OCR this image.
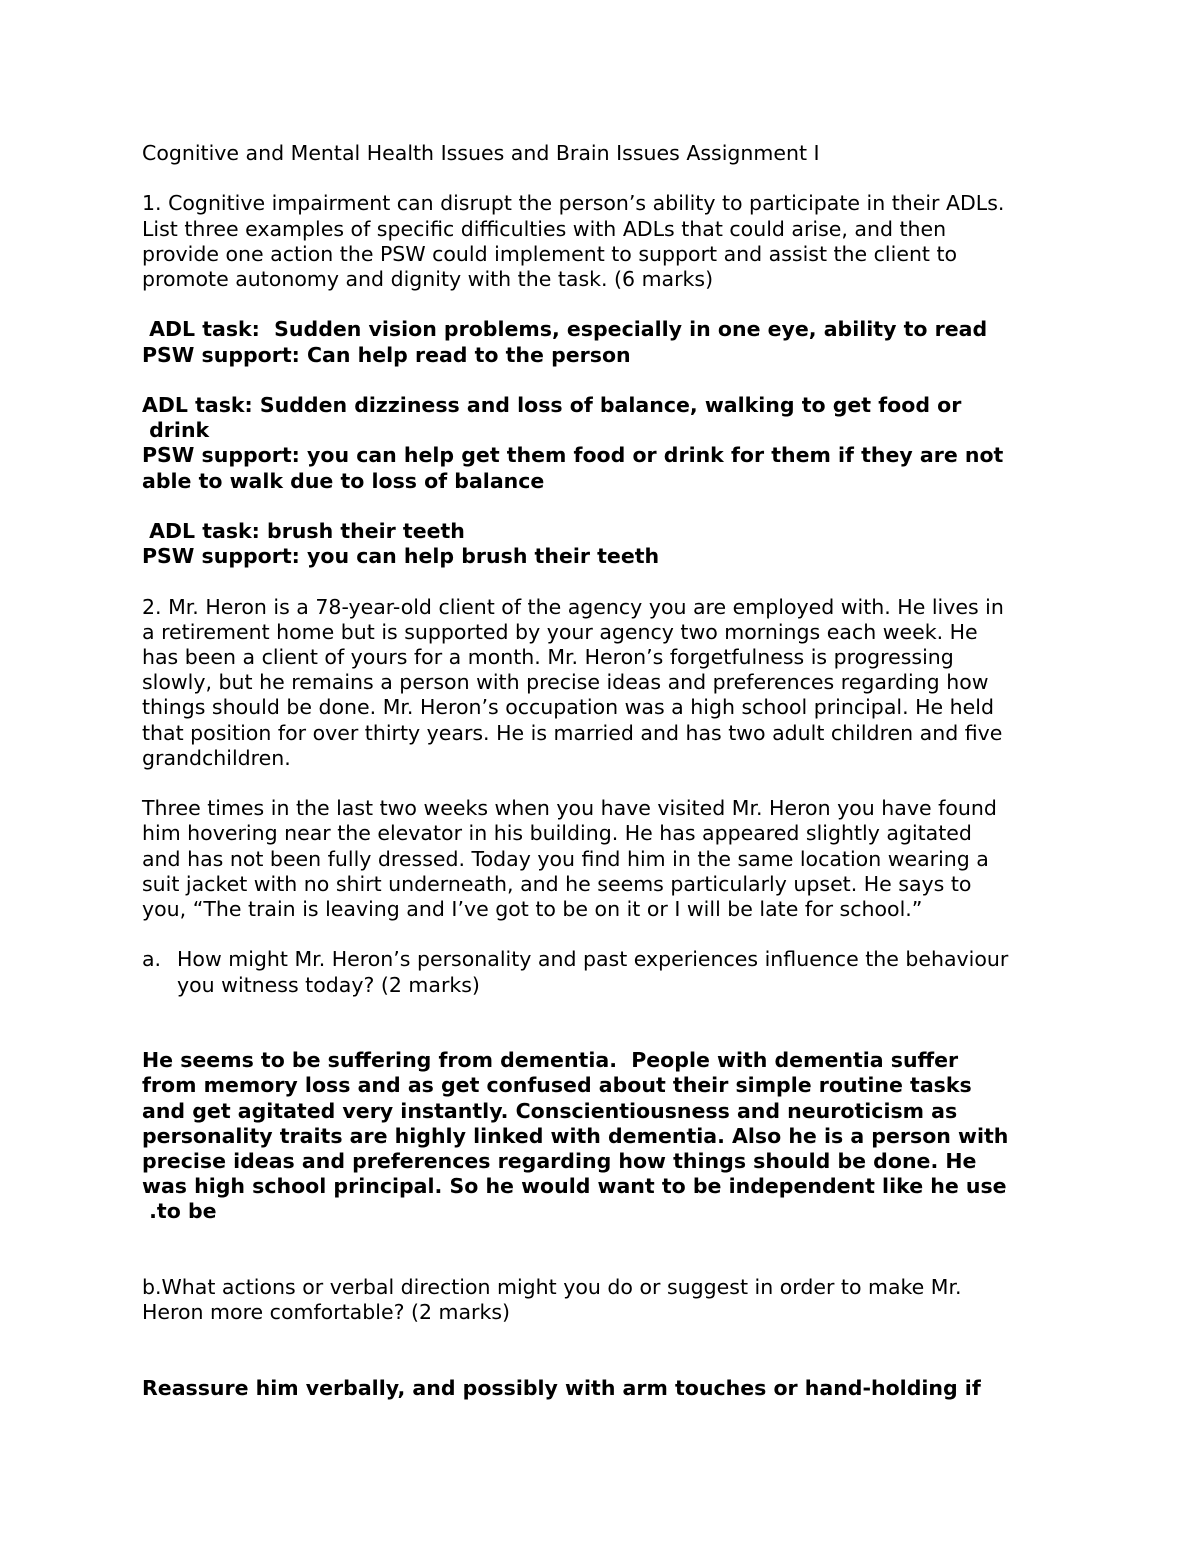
Cognitive and Mental Health Issues and Brain Issues Assignment I
1. Cognitive impairment can disrupt the person’s ability to participate in their ADLs.
List three examples of specific difficulties with ADLs that could arise, and then
provide one action the PSW could implement to support and assist the client to
promote autonomy and dignity with the task. (6 marks)
ADL task:  Sudden vision problems, especially in one eye, ability to read
PSW support: Can help read to the person
ADL task: Sudden dizziness and loss of balance, walking to get food or
drink
PSW support: you can help get them food or drink for them if they are not
able to walk due to loss of balance
ADL task: brush their teeth
PSW support: you can help brush their teeth
2. Mr. Heron is a 78-year-old client of the agency you are employed with. He lives in
a retirement home but is supported by your agency two mornings each week. He
has been a client of yours for a month. Mr. Heron’s forgetfulness is progressing
slowly, but he remains a person with precise ideas and preferences regarding how
things should be done. Mr. Heron’s occupation was a high school principal. He held
that position for over thirty years. He is married and has two adult children and five
grandchildren.
Three times in the last two weeks when you have visited Mr. Heron you have found
him hovering near the elevator in his building. He has appeared slightly agitated
and has not been fully dressed. Today you find him in the same location wearing a
suit jacket with no shirt underneath, and he seems particularly upset. He says to
you, “The train is leaving and I’ve got to be on it or I will be late for school.”
a. How might Mr. Heron’s personality and past experiences influence the behaviour
you witness today? (2 marks)
He seems to be suffering from dementia.  People with dementia suffer
from memory loss and as get confused about their simple routine tasks
and get agitated very instantly. Conscientiousness and neuroticism as
personality traits are highly linked with dementia. Also he is a person with
precise ideas and preferences regarding how things should be done. He
was high school principal. So he would want to be independent like he use
.to be
b.What actions or verbal direction might you do or suggest in order to make Mr.
Heron more comfortable? (2 marks)
Reassure him verbally, and possibly with arm touches or hand-holding if
